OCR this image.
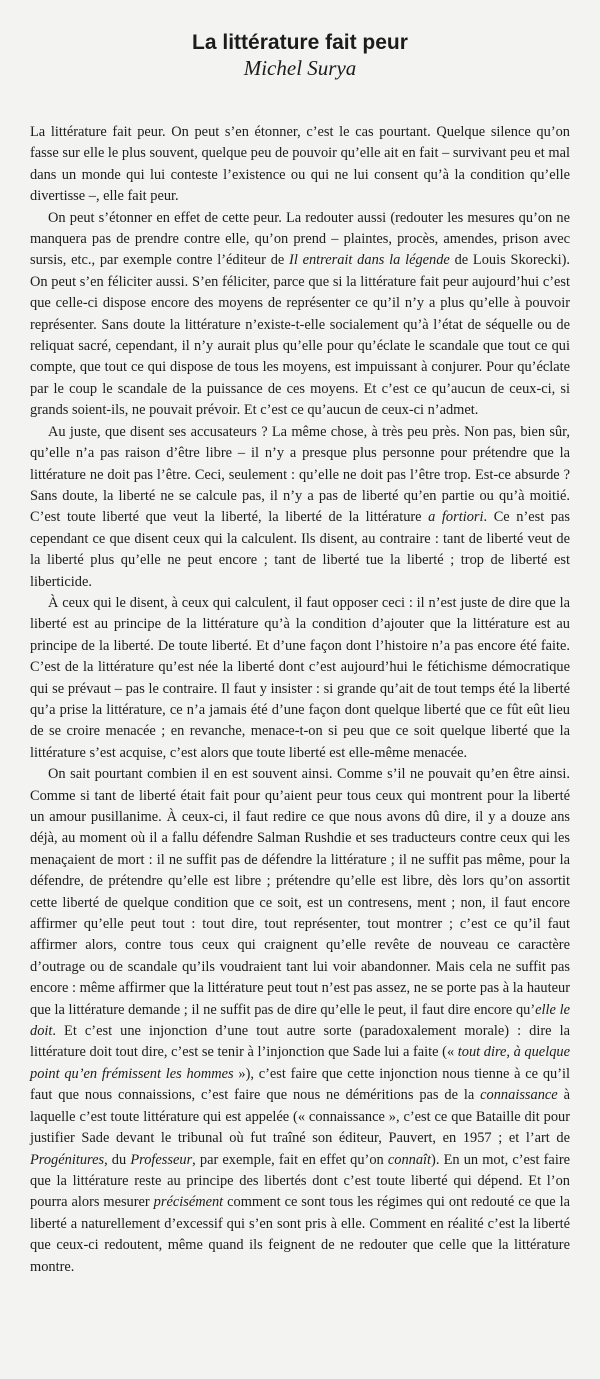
La littérature fait peur
Michel Surya

La littérature fait peur. On peut s’en étonner, c’est le cas pourtant. Quelque silence qu’on fasse sur elle le plus souvent, quelque peu de pouvoir qu’elle ait en fait – survivant peu et mal dans un monde qui lui conteste l’existence ou qui ne lui consent qu’à la condition qu’elle divertisse –, elle fait peur.

On peut s’étonner en effet de cette peur. La redouter aussi (redouter les mesures qu’on ne manquera pas de prendre contre elle, qu’on prend – plaintes, procès, amendes, prison avec sursis, etc., par exemple contre l’éditeur de Il entrerait dans la légende de Louis Skorecki). On peut s’en féliciter aussi. S’en féliciter, parce que si la littérature fait peur aujourd’hui c’est que celle-ci dispose encore des moyens de représenter ce qu’il n’y a plus qu’elle à pouvoir représenter. Sans doute la littérature n’existe-t-elle socialement qu’à l’état de séquelle ou de reliquat sacré, cependant, il n’y aurait plus qu’elle pour qu’éclate le scandale que tout ce qui compte, que tout ce qui dispose de tous les moyens, est impuissant à conjurer. Pour qu’éclate par le coup le scandale de la puissance de ces moyens. Et c’est ce qu’aucun de ceux-ci, si grands soient-ils, ne pouvait prévoir. Et c’est ce qu’aucun de ceux-ci n’admet.

Au juste, que disent ses accusateurs ? La même chose, à très peu près. Non pas, bien sûr, qu’elle n’a pas raison d’être libre – il n’y a presque plus personne pour prétendre que la littérature ne doit pas l’être. Ceci, seulement : qu’elle ne doit pas l’être trop. Est-ce absurde ? Sans doute, la liberté ne se calcule pas, il n’y a pas de liberté qu’en partie ou qu’à moitié. C’est toute liberté que veut la liberté, la liberté de la littérature a fortiori. Ce n’est pas cependant ce que disent ceux qui la calculent. Ils disent, au contraire : tant de liberté veut de la liberté plus qu’elle ne peut encore ; tant de liberté tue la liberté ; trop de liberté est liberticide.

À ceux qui le disent, à ceux qui calculent, il faut opposer ceci : il n’est juste de dire que la liberté est au principe de la littérature qu’à la condition d’ajouter que la littérature est au principe de la liberté. De toute liberté. Et d’une façon dont l’histoire n’a pas encore été faite. C’est de la littérature qu’est née la liberté dont c’est aujourd’hui le fétichisme démocratique qui se prévaut – pas le contraire. Il faut y insister : si grande qu’ait de tout temps été la liberté qu’a prise la littérature, ce n’a jamais été d’une façon dont quelque liberté que ce fût eût lieu de se croire menacée ; en revanche, menace-t-on si peu que ce soit quelque liberté que la littérature s’est acquise, c’est alors que toute liberté est elle-même menacée.

On sait pourtant combien il en est souvent ainsi. Comme s’il ne pouvait qu’en être ainsi. Comme si tant de liberté était fait pour qu’aient peur tous ceux qui montrent pour la liberté un amour pusillanime. À ceux-ci, il faut redire ce que nous avons dû dire, il y a douze ans déjà, au moment où il a fallu défendre Salman Rushdie et ses traducteurs contre ceux qui les menaçaient de mort : il ne suffit pas de défendre la littérature ; il ne suffit pas même, pour la défendre, de prétendre qu’elle est libre ; prétendre qu’elle est libre, dès lors qu’on assortit cette liberté de quelque condition que ce soit, est un contresens, ment ; non, il faut encore affirmer qu’elle peut tout : tout dire, tout représenter, tout montrer ; c’est ce qu’il faut affirmer alors, contre tous ceux qui craignent qu’elle revête de nouveau ce caractère d’outrage ou de scandale qu’ils voudraient tant lui voir abandonner. Mais cela ne suffit pas encore : même affirmer que la littérature peut tout n’est pas assez, ne se porte pas à la hauteur que la littérature demande ; il ne suffit pas de dire qu’elle le peut, il faut dire encore qu’elle le doit. Et c’est une injonction d’une tout autre sorte (paradoxalement morale) : dire la littérature doit tout dire, c’est se tenir à l’injonction que Sade lui a faite (« tout dire, à quelque point qu’en frémissent les hommes »), c’est faire que cette injonction nous tienne à ce qu’il faut que nous connaissions, c’est faire que nous ne déméritions pas de la connaissance à laquelle c’est toute littérature qui est appelée (« connaissance », c’est ce que Bataille dit pour justifier Sade devant le tribunal où fut traîné son éditeur, Pauvert, en 1957 ; et l’art de Progénitures, du Professeur, par exemple, fait en effet qu’on connaît). En un mot, c’est faire que la littérature reste au principe des libertés dont c’est toute liberté qui dépend. Et l’on pourra alors mesurer précisément comment ce sont tous les régimes qui ont redouté ce que la liberté a naturellement d’excessif qui s’en sont pris à elle. Comment en réalité c’est la liberté que ceux-ci redoutent, même quand ils feignent de ne redouter que celle que la littérature montre.
